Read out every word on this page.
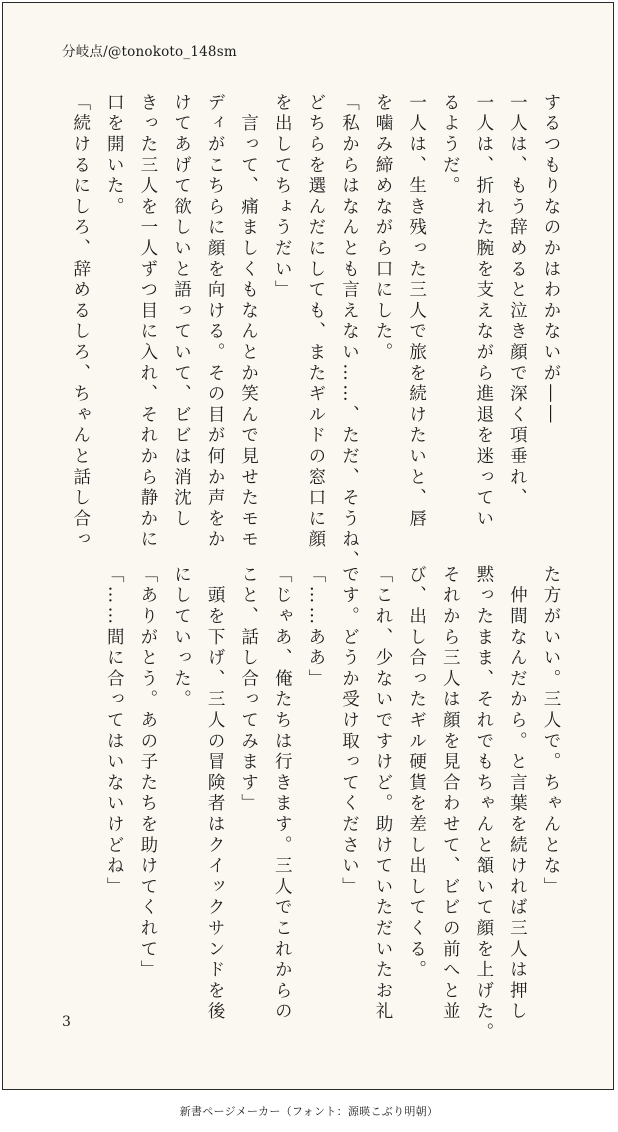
分岐点/@tonokoto_148sm
するつもりなのかはわかないが――
一人は、もう辞めると泣き顔で深く項垂れ、
一人は、折れた腕を支えながら進退を迷ってい
るようだ。
一人は、生き残った三人で旅を続けたいと、唇
を噛み締めながら口にした。
「私からはなんとも言えない……、ただ、そうね、
どちらを選んだにしても、またギルドの窓口に顔
を出してちょうだい」
　言って、痛ましくもなんとか笑んで見せたモモ
ディがこちらに顔を向ける。その目が何か声をか
けてあげて欲しいと語っていて、ビビは消沈し
きった三人を一人ずつ目に入れ、それから静かに
口を開いた。
「続けるにしろ、辞めるしろ、ちゃんと話し合っ
た方がいい。三人で。ちゃんとな」
　仲間なんだから。と言葉を続ければ三人は押し
黙ったまま、それでもちゃんと頷いて顔を上げた。
それから三人は顔を見合わせて、ビビの前へと並
び、出し合ったギル硬貨を差し出してくる。
「これ、少ないですけど。助けていただいたお礼
です。どうか受け取ってください」
「……ああ」
「じゃあ、俺たちは行きます。三人でこれからの
こと、話し合ってみます」
　頭を下げ、三人の冒険者はクイックサンドを後
にしていった。
「ありがとう。あの子たちを助けてくれて」
「……間に合ってはいないけどね」
3
新書ページメーカー（フォント：源暎こぶり明朝）
